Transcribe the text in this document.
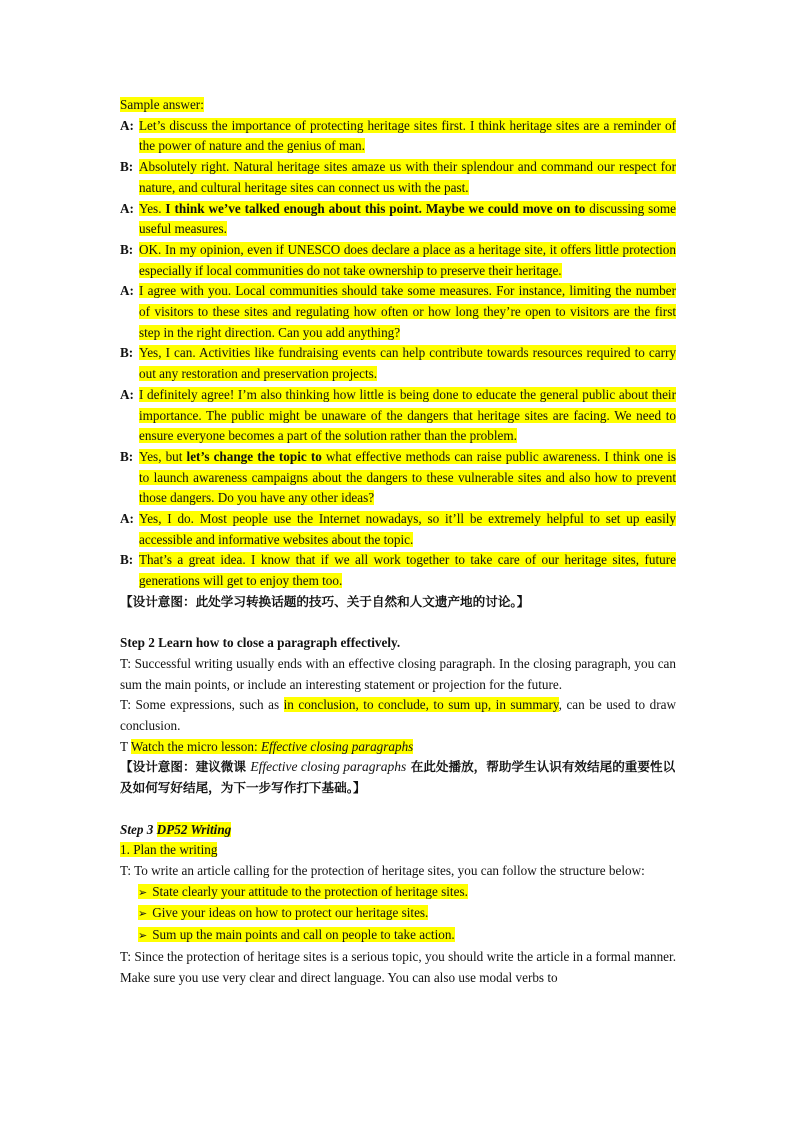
Sample answer:
A: Let’s discuss the importance of protecting heritage sites first. I think heritage sites are a reminder of the power of nature and the genius of man.
B: Absolutely right. Natural heritage sites amaze us with their splendour and command our respect for nature, and cultural heritage sites can connect us with the past.
A: Yes. I think we’ve talked enough about this point. Maybe we could move on to discussing some useful measures.
B: OK. In my opinion, even if UNESCO does declare a place as a heritage site, it offers little protection especially if local communities do not take ownership to preserve their heritage.
A: I agree with you. Local communities should take some measures. For instance, limiting the number of visitors to these sites and regulating how often or how long they’re open to visitors are the first step in the right direction. Can you add anything?
B: Yes, I can. Activities like fundraising events can help contribute towards resources required to carry out any restoration and preservation projects.
A: I definitely agree! I’m also thinking how little is being done to educate the general public about their importance. The public might be unaware of the dangers that heritage sites are facing. We need to ensure everyone becomes a part of the solution rather than the problem.
B: Yes, but let’s change the topic to what effective methods can raise public awareness. I think one is to launch awareness campaigns about the dangers to these vulnerable sites and also how to prevent those dangers. Do you have any other ideas?
A: Yes, I do. Most people use the Internet nowadays, so it’ll be extremely helpful to set up easily accessible and informative websites about the topic.
B: That’s a great idea. I know that if we all work together to take care of our heritage sites, future generations will get to enjoy them too.
【设计意图：此处学习转换话题的技巧、关于自然和人文遗产地的讨论。】
Step 2 Learn how to close a paragraph effectively.
T: Successful writing usually ends with an effective closing paragraph. In the closing paragraph, you can sum the main points, or include an interesting statement or projection for the future.
T: Some expressions, such as in conclusion, to conclude, to sum up, in summary, can be used to draw conclusion.
T Watch the micro lesson: Effective closing paragraphs
【设计意图：建议微课 Effective closing paragraphs 在此处播放，帮助学生认识有效结尾的重要性以及如何写好结尾，为下一步写作打下基础。】
Step 3 DP52 Writing
1. Plan the writing
T: To write an article calling for the protection of heritage sites, you can follow the structure below:
➢ State clearly your attitude to the protection of heritage sites.
➢ Give your ideas on how to protect our heritage sites.
➢ Sum up the main points and call on people to take action.
T: Since the protection of heritage sites is a serious topic, you should write the article in a formal manner. Make sure you use very clear and direct language. You can also use modal verbs to
